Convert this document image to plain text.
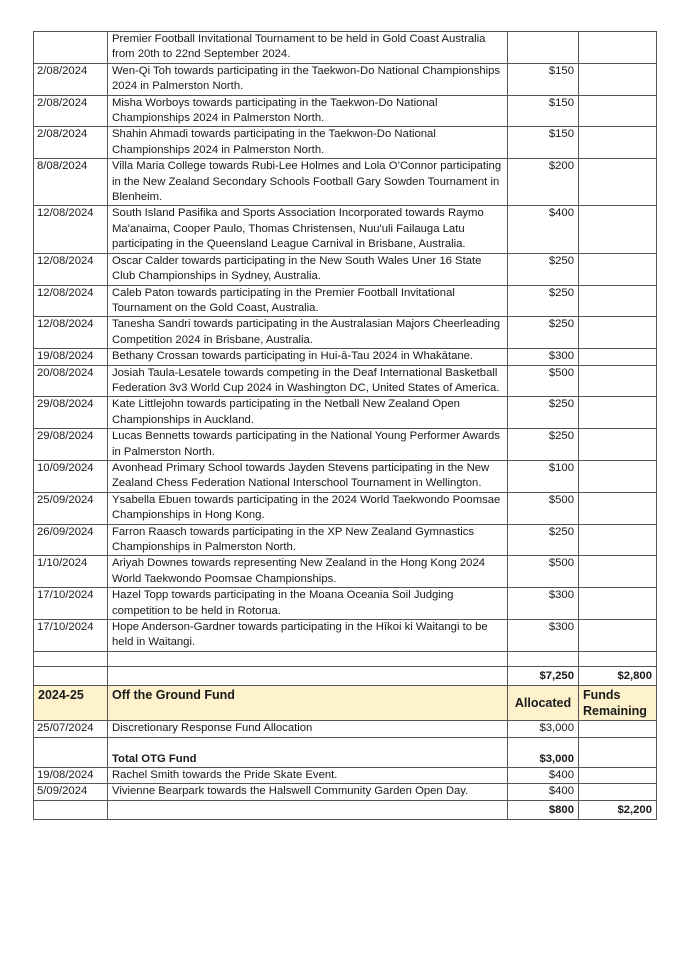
	Premier Football Invitational Tournament to be held in Gold Coast Australia from 20th to 22nd September 2024.		
2/08/2024	Wen-Qi Toh towards participating in the Taekwon-Do National Championships 2024 in Palmerston North.	$150	
2/08/2024	Misha Worboys towards participating in the Taekwon-Do National Championships 2024 in Palmerston North.	$150	
2/08/2024	Shahin Ahmadi towards participating in the Taekwon-Do National Championships 2024 in Palmerston North.	$150	
8/08/2024	Villa Maria College towards Rubi-Lee Holmes and Lola O’Connor participating in the New Zealand Secondary Schools Football Gary Sowden Tournament in Blenheim.	$200	
12/08/2024	South Island Pasifika and Sports Association Incorporated towards Raymo Ma'anaima, Cooper Paulo, Thomas Christensen, Nuu'uli Failauga Latu participating in the Queensland League Carnival in Brisbane, Australia.	$400	
12/08/2024	Oscar Calder towards participating in the New South Wales Uner 16 State Club Championships in Sydney, Australia.	$250	
12/08/2024	Caleb Paton towards participating in the Premier Football Invitational Tournament on the Gold Coast, Australia.	$250	
12/08/2024	Tanesha Sandri towards participating in the Australasian Majors Cheerleading Competition 2024 in Brisbane, Australia.	$250	
19/08/2024	Bethany Crossan towards participating in Hui-ā-Tau 2024 in Whakātane.	$300	
20/08/2024	Josiah Taula-Lesatele towards competing in the Deaf International Basketball Federation 3v3 World Cup 2024 in Washington DC, United States of America.	$500	
29/08/2024	Kate Littlejohn towards participating in the Netball New Zealand Open Championships in Auckland.	$250	
29/08/2024	Lucas Bennetts towards participating in the National Young Performer Awards in Palmerston North.	$250	
10/09/2024	Avonhead Primary School towards Jayden Stevens participating in the New Zealand Chess Federation National Interschool Tournament in Wellington.	$100	
25/09/2024	Ysabella Ebuen towards participating in the 2024 World Taekwondo Poomsae Championships in Hong Kong.	$500	
26/09/2024	Farron Raasch towards participating in the XP New Zealand Gymnastics Championships in Palmerston North.	$250	
1/10/2024	Ariyah Downes towards representing New Zealand in the Hong Kong 2024 World Taekwondo Poomsae Championships.	$500	
17/10/2024	Hazel Topp towards participating in the Moana Oceania Soil Judging competition to be held in Rotorua.	$300	
17/10/2024	Hope Anderson-Gardner towards participating in the Hīkoi ki Waitangi to be held in Waitangi.	$300	

		$7,250	$2,800
2024-25	Off the Ground Fund	Allocated	Funds Remaining
25/07/2024	Discretionary Response Fund Allocation	$3,000	
	Total OTG Fund	$3,000	
19/08/2024	Rachel Smith towards the Pride Skate Event.	$400	
5/09/2024	Vivienne Bearpark towards the Halswell Community Garden Open Day.	$400	
		$800	$2,200
